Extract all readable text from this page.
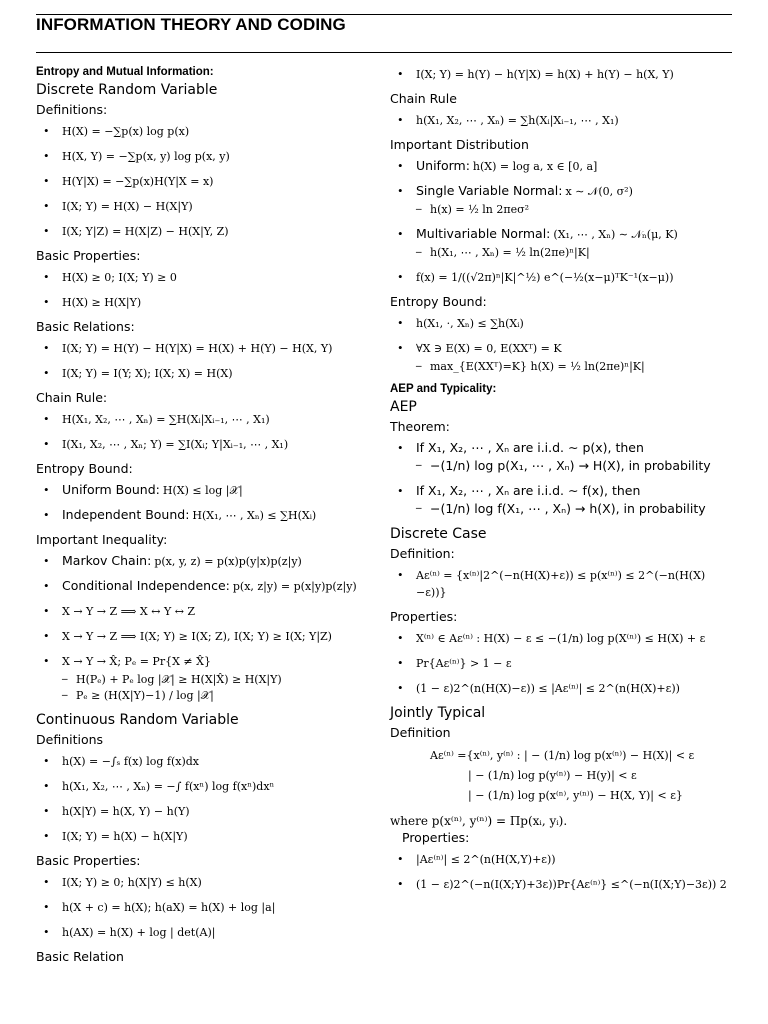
INFORMATION THEORY AND CODING
Entropy and Mutual Information:
Discrete Random Variable
Definitions:
• H(X) = −∑p(x) log p(x)
• H(X, Y) = −∑p(x, y) log p(x, y)
• H(Y|X) = −∑p(x)H(Y|X = x)
• I(X; Y) = H(X) − H(X|Y)
• I(X; Y|Z) = H(X|Z) − H(X|Y, Z)
Basic Properties:
• H(X) ≥ 0; I(X; Y) ≥ 0
• H(X) ≥ H(X|Y)
Basic Relations:
• I(X; Y) = H(Y) − H(Y|X) = H(X) + H(Y) − H(X, Y)
• I(X; Y) = I(Y; X); I(X; X) = H(X)
Chain Rule:
• H(X₁, X₂, ⋯ , Xₙ) = ∑H(Xᵢ|Xᵢ₋₁, ⋯ , X₁)
• I(X₁, X₂, ⋯ , Xₙ; Y) = ∑I(Xᵢ; Y|Xᵢ₋₁, ⋯ , X₁)
Entropy Bound:
• Uniform Bound: H(X) ≤ log |𝒳|
• Independent Bound: H(X₁, ⋯ , Xₙ) ≤ ∑H(Xᵢ)
Important Inequality:
• Markov Chain: p(x, y, z) = p(x)p(y|x)p(z|y)
• Conditional Independence: p(x, z|y) = p(x|y)p(z|y)
• X → Y → Z ⟹ X ↔ Y ↔ Z
• X → Y → Z ⟹ I(X; Y) ≥ I(X; Z), I(X; Y) ≥ I(X; Y|Z)
• X → Y → X̂; Pₑ = Pr{X ≠ X̂}
– H(Pₑ) + Pₑ log |𝒳| ≥ H(X|X̂) ≥ H(X|Y)
– Pₑ ≥ (H(X|Y)−1) / log |𝒳|
Continuous Random Variable
Definitions
• h(X) = −∫ₛ f(x) log f(x)dx
• h(X₁, X₂, ⋯ , Xₙ) = −∫ f(xⁿ) log f(xⁿ)dxⁿ
• h(X|Y) = h(X, Y) − h(Y)
• I(X; Y) = h(X) − h(X|Y)
Basic Properties:
• I(X; Y) ≥ 0; h(X|Y) ≤ h(X)
• h(X + c) = h(X); h(aX) = h(X) + log |a|
• h(AX) = h(X) + log | det(A)|
Basic Relation
• I(X; Y) = h(Y) − h(Y|X) = h(X) + h(Y) − h(X, Y)
Chain Rule
• h(X₁, X₂, ⋯ , Xₙ) = ∑h(Xᵢ|Xᵢ₋₁, ⋯ , X₁)
Important Distribution
• Uniform: h(X) = log a, x ∈ [0, a]
• Single Variable Normal: x ∼ 𝒩(0, σ²)
– h(x) = ½ ln 2πeσ²
• Multivariable Normal: (X₁, ⋯ , Xₙ) ∼ 𝒩ₙ(μ, K)
– h(X₁, ⋯ , Xₙ) = ½ ln(2πe)ⁿ|K|
• f(x) = 1/((√2π)ⁿ|K|^½) e^(−½(x−μ)ᵀK⁻¹(x−μ))
Entropy Bound:
• h(X₁, ·, Xₙ) ≤ ∑h(Xᵢ)
• ∀X ∋ E(X) = 0, E(XXᵀ) = K
– max_{E(XXᵀ)=K} h(X) = ½ ln(2πe)ⁿ|K|
AEP and Typicality:
AEP
Theorem:
• If X₁, X₂, ⋯ , Xₙ are i.i.d. ∼ p(x), then
– −(1/n) log p(X₁, ⋯ , Xₙ) → H(X), in probability
• If X₁, X₂, ⋯ , Xₙ are i.i.d. ∼ f(x), then
– −(1/n) log f(X₁, ⋯ , Xₙ) → h(X), in probability
Discrete Case
Definition:
• Aε⁽ⁿ⁾ = {x⁽ⁿ⁾|2^(−n(H(X)+ε)) ≤ p(x⁽ⁿ⁾) ≤ 2^(−n(H(X)−ε))}
Properties:
• X⁽ⁿ⁾ ∈ Aε⁽ⁿ⁾ : H(X) − ε ≤ −(1/n) log p(X⁽ⁿ⁾) ≤ H(X) + ε
• Pr{Aε⁽ⁿ⁾} > 1 − ε
• (1 − ε)2^(n(H(X)−ε)) ≤ |Aε⁽ⁿ⁾| ≤ 2^(n(H(X)+ε))
Jointly Typical
Definition
Aε⁽ⁿ⁾ ={x⁽ⁿ⁾, y⁽ⁿ⁾ : | − (1/n) log p(x⁽ⁿ⁾) − H(X)| < ε
| − (1/n) log p(y⁽ⁿ⁾) − H(y)| < ε
| − (1/n) log p(x⁽ⁿ⁾, y⁽ⁿ⁾) − H(X, Y)| < ε}
where p(x⁽ⁿ⁾, y⁽ⁿ⁾) = Πp(xᵢ, yᵢ).
Properties:
• |Aε⁽ⁿ⁾| ≤ 2^(n(H(X,Y)+ε))
• (1 − ε)2^(−n(I(X;Y)+3ε))Pr{Aε⁽ⁿ⁾} ≤^(−n(I(X;Y)−3ε)) 2
